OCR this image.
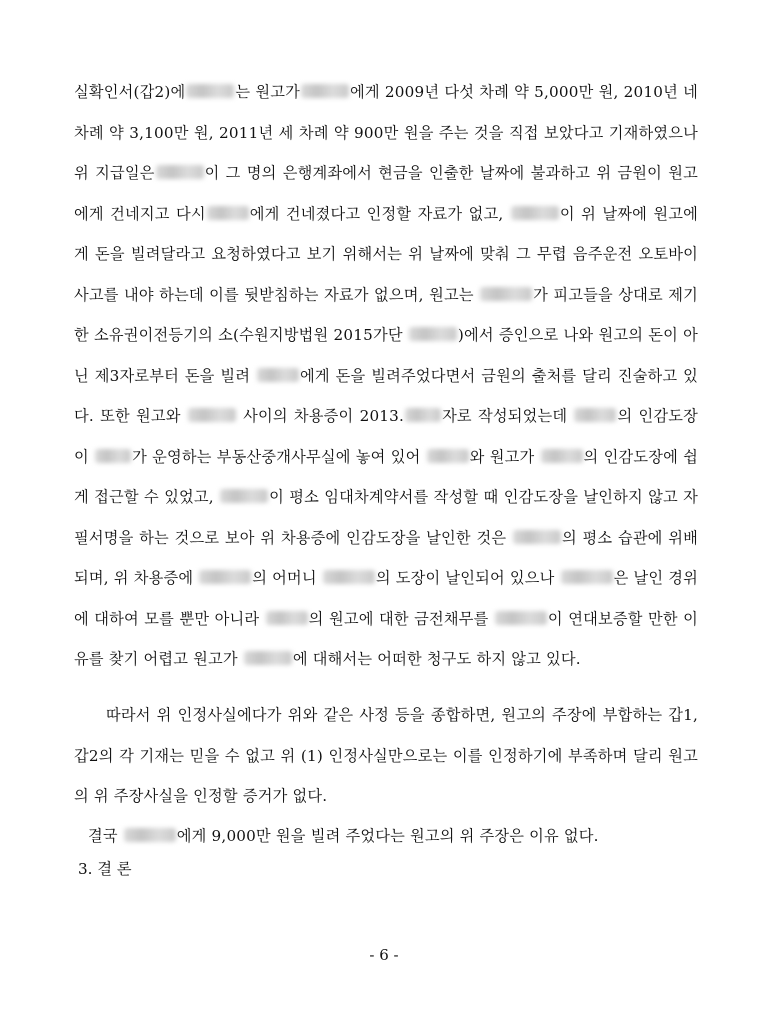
실확인서(갑2)에	는 원고가	에게 2009년 다섯 차례 약 5,000만 원, 2010년 네 차례 약 3,100만 원, 2011년 세 차례 약 900만 원을 주는 것을 직접 보았다고 기재하였으나 위 지급일은	이 그 명의 은행계좌에서 현금을 인출한 날짜에 불과하고 위 금원이 원고에게 건네지고 다시	에게 건네졌다고 인정할 자료가 없고,	이 위 날짜에 원고에게 돈을 빌려달라고 요청하였다고 보기 위해서는 위 날짜에 맞춰 그 무렵 음주운전 오토바이 사고를 내야 하는데 이를 뒷받침하는 자료가 없으며, 원고는	가 피고들을 상대로 제기한 소유권이전등기의 소(수원지방법원 2015가단	)에서 증인으로 나와 원고의 돈이 아닌 제3자로부터 돈을 빌려	에게 돈을 빌려주었다면서 금원의 출처를 달리 진술하고 있다. 또한 원고와	사이의 차용증이 2013.	자로 작성되었는데	의 인감도장이	가 운영하는 부동산중개사무실에 놓여 있어	와 원고가	의 인감도장에 쉽게 접근할 수 있었고,	이 평소 임대차계약서를 작성할 때 인감도장을 날인하지 않고 자필서명을 하는 것으로 보아 위 차용증에 인감도장을 날인한 것은	의 평소 습관에 위배되며, 위 차용증에	의 어머니	의 도장이 날인되어 있으나	은 날인 경위에 대하여 모를 뿐만 아니라	의 원고에 대한 금전채무를	이 연대보증할 만한 이유를 찾기 어렵고 원고가	에 대해서는 어떠한 청구도 하지 않고 있다.
따라서 위 인정사실에다가 위와 같은 사정 등을 종합하면, 원고의 주장에 부합하는 갑1, 갑2의 각 기재는 믿을 수 없고 위 (1) 인정사실만으로는 이를 인정하기에 부족하며 달리 원고의 위 주장사실을 인정할 증거가 없다.
결국	에게 9,000만 원을 빌려 주었다는 원고의 위 주장은 이유 없다.
3. 결 론
- 6 -
